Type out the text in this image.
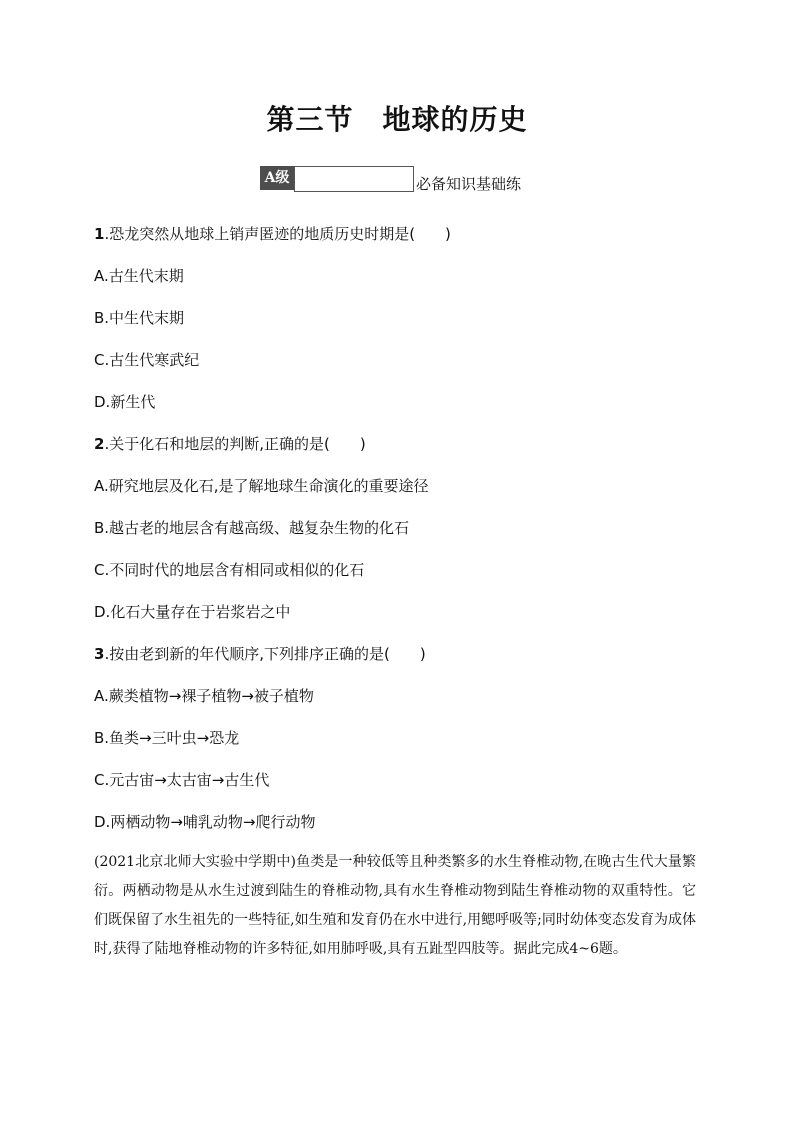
第三节　地球的历史
A级	必备知识基础练
1.恐龙突然从地球上销声匿迹的地质历史时期是(　　)
A.古生代末期
B.中生代末期
C.古生代寒武纪
D.新生代
2.关于化石和地层的判断,正确的是(　　)
A.研究地层及化石,是了解地球生命演化的重要途径
B.越古老的地层含有越高级、越复杂生物的化石
C.不同时代的地层含有相同或相似的化石
D.化石大量存在于岩浆岩之中
3.按由老到新的年代顺序,下列排序正确的是(　　)
A.蕨类植物→裸子植物→被子植物
B.鱼类→三叶虫→恐龙
C.元古宙→太古宙→古生代
D.两栖动物→哺乳动物→爬行动物
(2021北京北师大实验中学期中)鱼类是一种较低等且种类繁多的水生脊椎动物,在晚古生代大量繁衍。两栖动物是从水生过渡到陆生的脊椎动物,具有水生脊椎动物到陆生脊椎动物的双重特性。它们既保留了水生祖先的一些特征,如生殖和发育仍在水中进行,用鳃呼吸等;同时幼体变态发育为成体时,获得了陆地脊椎动物的许多特征,如用肺呼吸,具有五趾型四肢等。据此完成4~6题。
